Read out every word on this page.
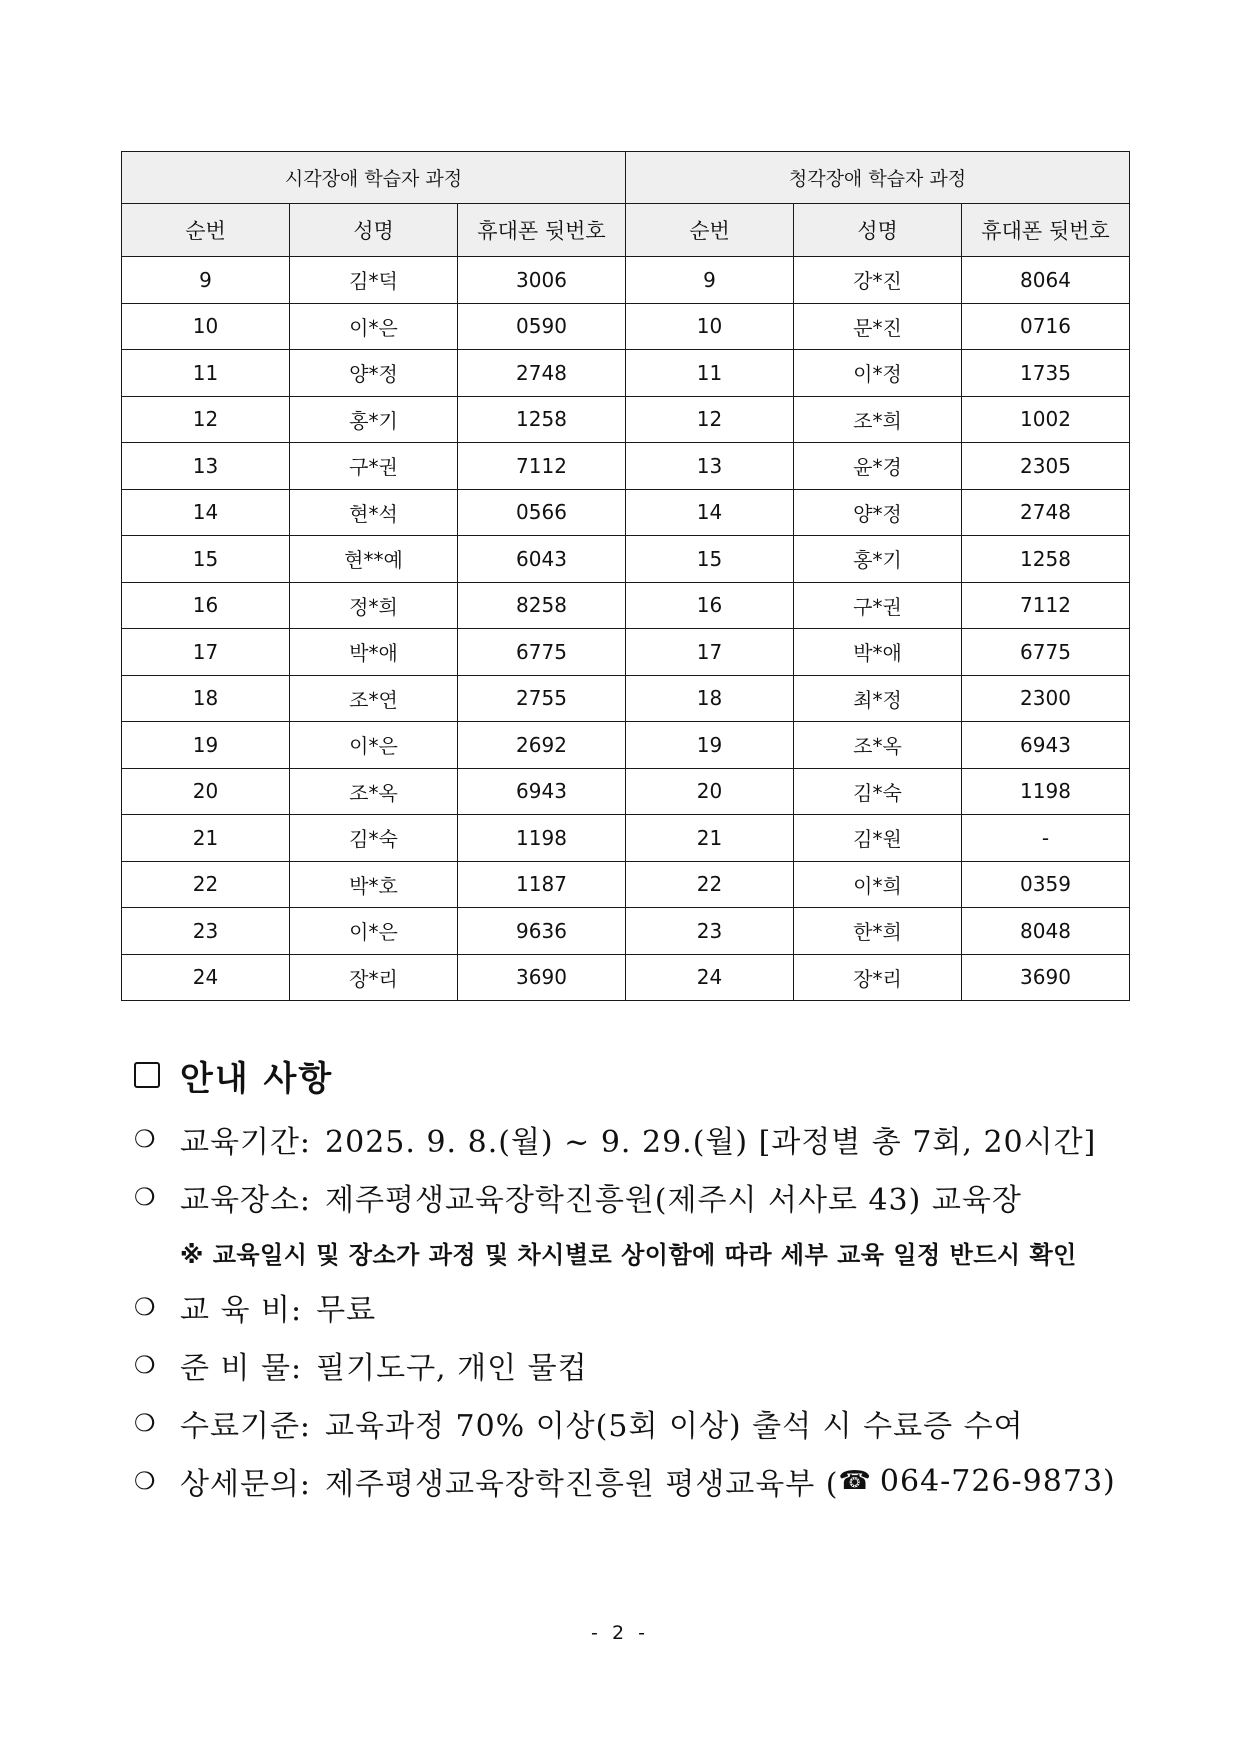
시각장애 학습자 과정			청각장애 학습자 과정		
순번	성명	휴대폰 뒷번호	순번	성명	휴대폰 뒷번호
9	김*덕	3006	9	강*진	8064
10	이*은	0590	10	문*진	0716
11	양*정	2748	11	이*정	1735
12	홍*기	1258	12	조*희	1002
13	구*권	7112	13	윤*경	2305
14	현*석	0566	14	양*정	2748
15	현**예	6043	15	홍*기	1258
16	정*희	8258	16	구*권	7112
17	박*애	6775	17	박*애	6775
18	조*연	2755	18	최*정	2300
19	이*은	2692	19	조*옥	6943
20	조*옥	6943	20	김*숙	1198
21	김*숙	1198	21	김*원	-
22	박*호	1187	22	이*희	0359
23	이*은	9636	23	한*희	8048
24	장*리	3690	24	장*리	3690
안내 사항
❍ 교육기간: 2025. 9. 8.(월) ~ 9. 29.(월) [과정별 총 7회, 20시간]
❍ 교육장소: 제주평생교육장학진흥원(제주시 서사로 43) 교육장
※ 교육일시 및 장소가 과정 및 차시별로 상이함에 따라 세부 교육 일정 반드시 확인
❍ 교 육 비: 무료
❍ 준 비 물: 필기도구, 개인 물컵
❍ 수료기준: 교육과정 70% 이상(5회 이상) 출석 시 수료증 수여
❍ 상세문의: 제주평생교육장학진흥원 평생교육부 ( ☎ 064-726-9873)
- 2 -
